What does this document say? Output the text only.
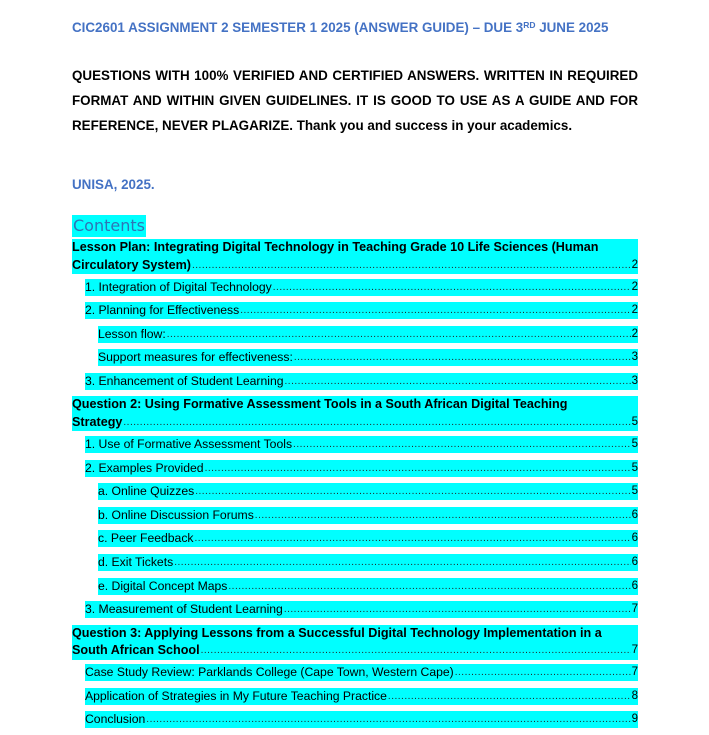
CIC2601 ASSIGNMENT 2 SEMESTER 1 2025 (ANSWER GUIDE) – DUE 3RD JUNE 2025
QUESTIONS WITH 100% VERIFIED AND CERTIFIED ANSWERS. WRITTEN IN REQUIRED FORMAT AND WITHIN GIVEN GUIDELINES. IT IS GOOD TO USE AS A GUIDE AND FOR REFERENCE, NEVER PLAGARIZE. Thank you and success in your academics.
UNISA, 2025.
Contents
Lesson Plan: Integrating Digital Technology in Teaching Grade 10 Life Sciences (Human
Circulatory System) .....	2
1. Integration of Digital Technology .....	2
2. Planning for Effectiveness .....	2
Lesson flow: .....	2
Support measures for effectiveness: .....	3
3. Enhancement of Student Learning .....	3
Question 2: Using Formative Assessment Tools in a South African Digital Teaching
Strategy .....	5
1. Use of Formative Assessment Tools .....	5
2. Examples Provided .....	5
a. Online Quizzes .....	5
b. Online Discussion Forums .....	6
c. Peer Feedback .....	6
d. Exit Tickets .....	6
e. Digital Concept Maps .....	6
3. Measurement of Student Learning .....	7
Question 3: Applying Lessons from a Successful Digital Technology Implementation in a
South African School .....	7
Case Study Review: Parklands College (Cape Town, Western Cape) .....	7
Application of Strategies in My Future Teaching Practice .....	8
Conclusion .....	9
